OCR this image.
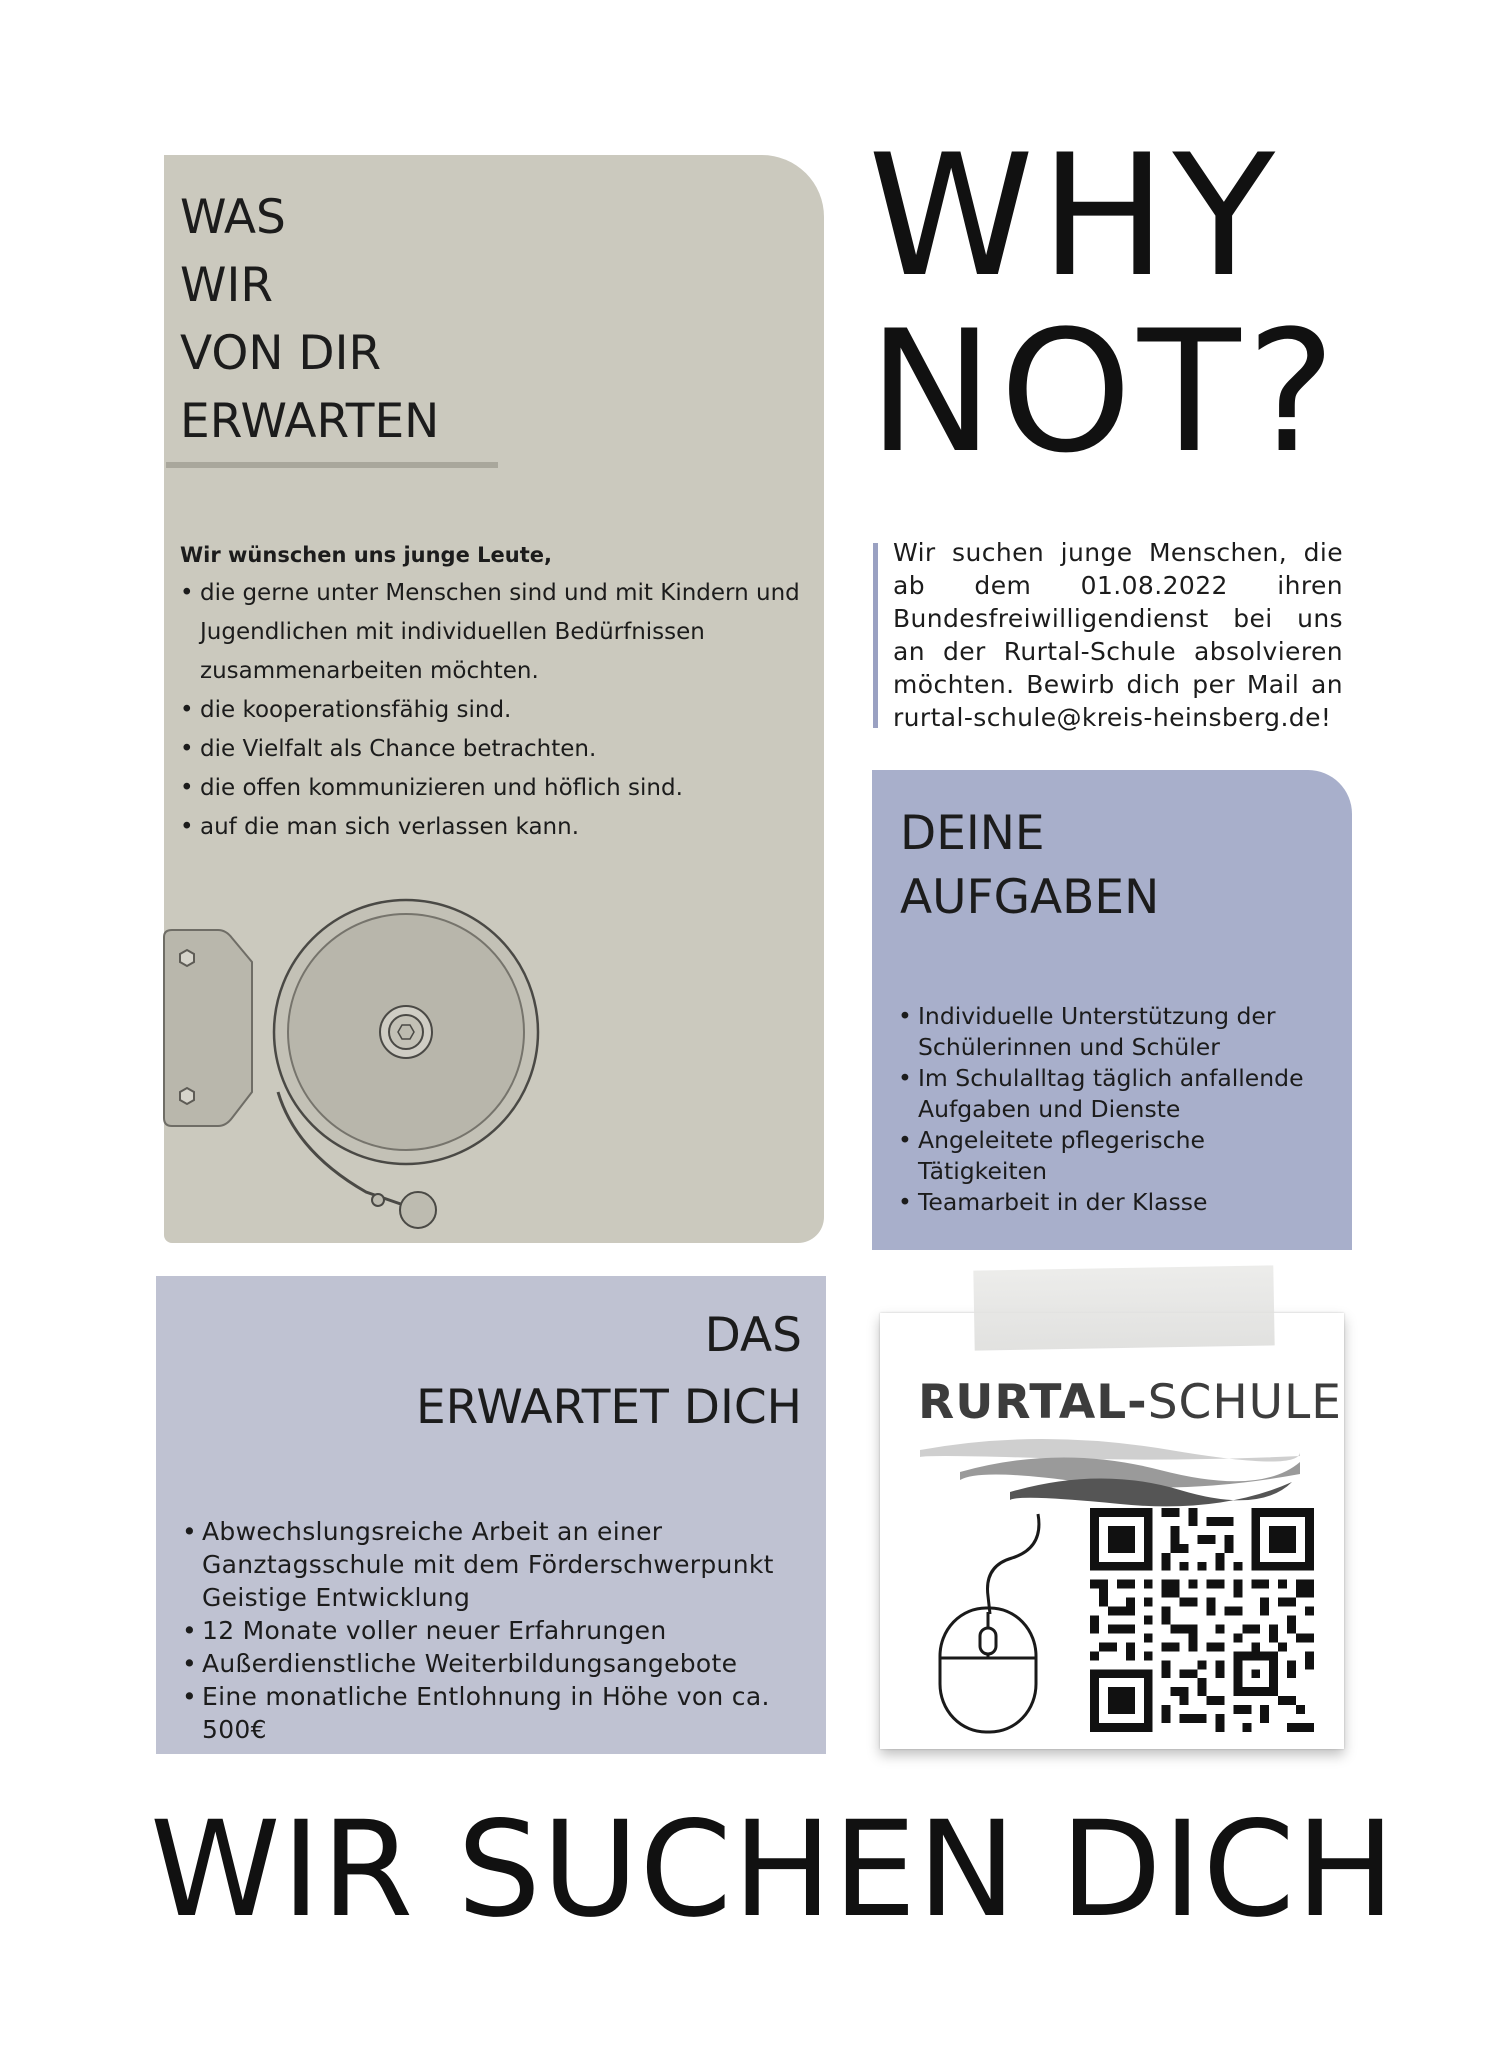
WAS
WIR
VON DIR
ERWARTEN
Wir wünschen uns junge Leute,
• die gerne unter Menschen sind und mit Kindern und Jugendlichen mit individuellen Bedürfnissen zusammenarbeiten möchten.
• die kooperationsfähig sind.
• die Vielfalt als Chance betrachten.
• die offen kommunizieren und höflich sind.
• auf die man sich verlassen kann.
WHY
NOT?
Wir suchen junge Menschen, die ab dem 01.08.2022 ihren Bundesfreiwilligendienst bei uns an der Rurtal-Schule absolvieren möchten. Bewirb dich per Mail an rurtal-schule@kreis-heinsberg.de!
DEINE
AUFGABEN
• Individuelle Unterstützung der Schülerinnen und Schüler
• Im Schulalltag täglich anfallende Aufgaben und Dienste
• Angeleitete pflegerische Tätigkeiten
• Teamarbeit in der Klasse
DAS
ERWARTET DICH
• Abwechslungsreiche Arbeit an einer Ganztagsschule mit dem Förderschwerpunkt Geistige Entwicklung
• 12 Monate voller neuer Erfahrungen
• Außerdienstliche Weiterbildungsangebote
• Eine monatliche Entlohnung in Höhe von ca. 500€
RURTAL-SCHULE
WIR SUCHEN DICH
